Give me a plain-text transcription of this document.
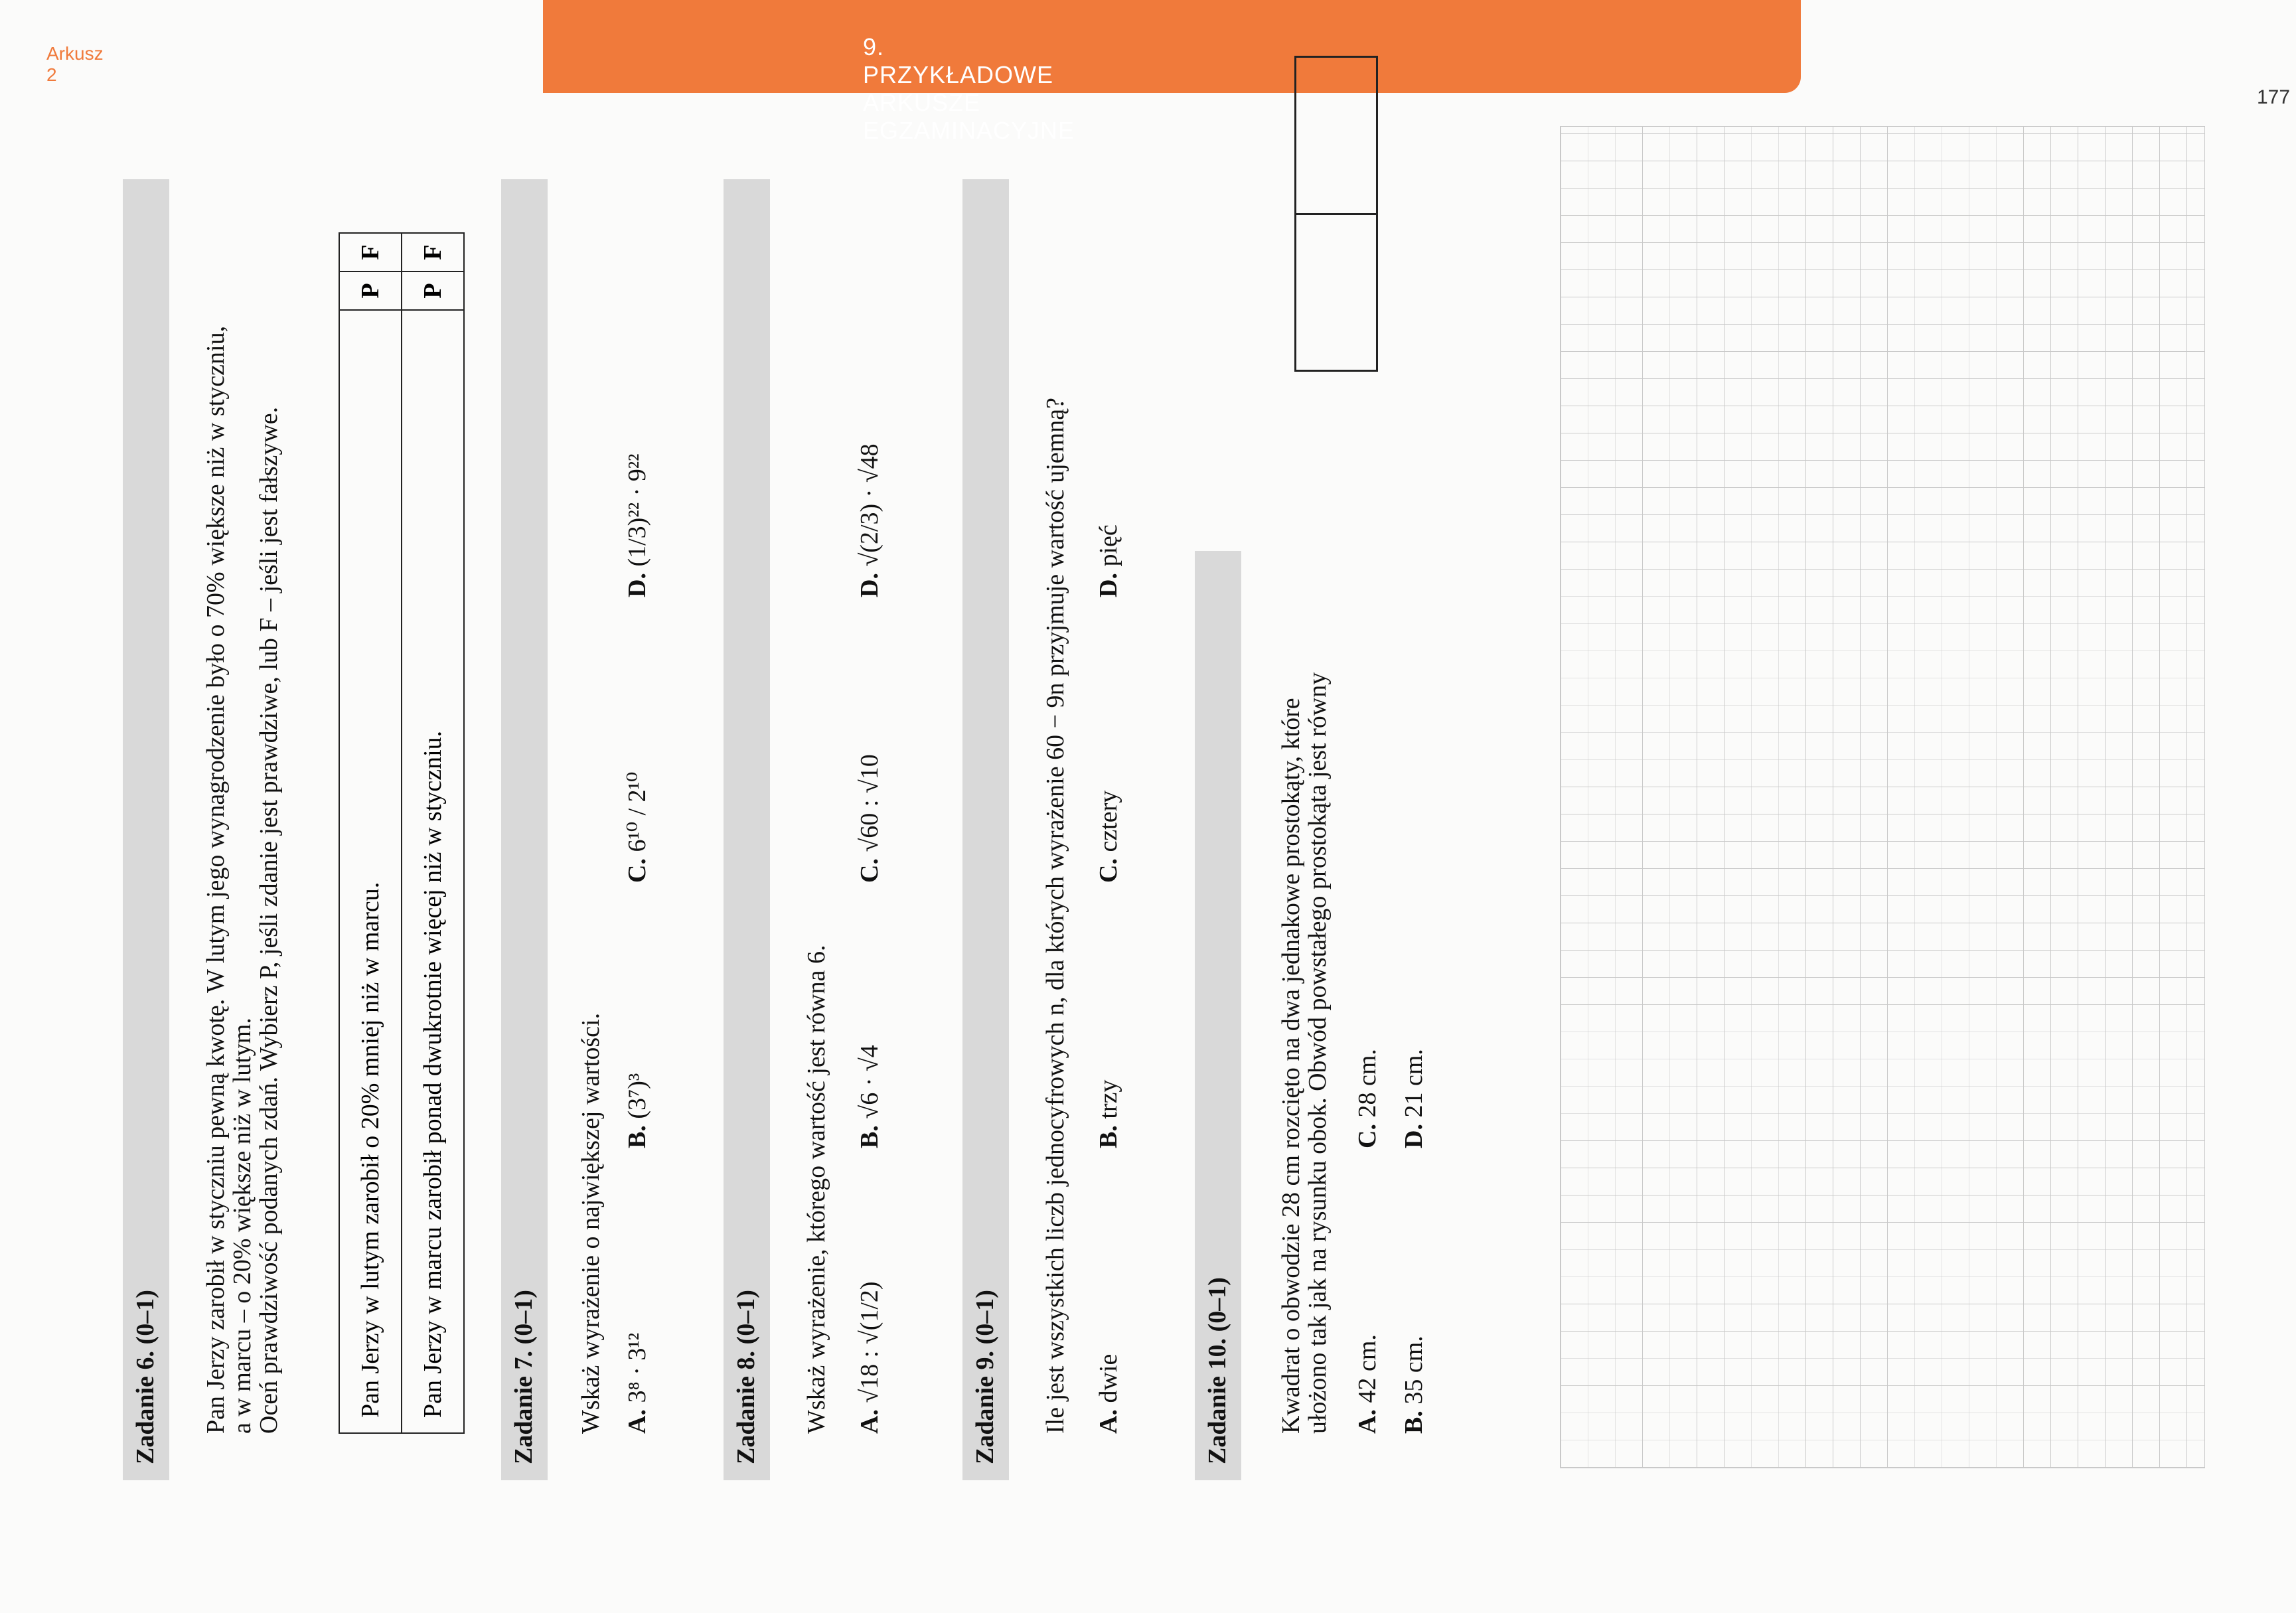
9. PRZYKŁADOWE ARKUSZE EGZAMINACYJNE
Arkusz 2
177
Zadanie 6. (0–1) Pan Jerzy zarobił w styczniu pewną kwotę. W lutym jego wynagrodzenie było o 70% większe niż w styczniu,
a w marcu – o 20% większe niż w lutym.
Oceń prawdziwość podanych zdań. Wybierz P, jeśli zdanie jest prawdziwe, lub F – jeśli jest fałszywe.	Pan Jerzy w lutym zarobił o 20% mniej niż w marcu.	P	F
Pan Jerzy w marcu zarobił ponad dwukrotnie więcej niż w styczniu.	P	F
Zadanie 7. (0–1) Wskaż wyrażenie o największej wartości. A. 3⁸ · 3¹²
B. (3⁷)³
C. 6¹⁰ / 2¹⁰
D. (1/3)²² · 9²²
Zadanie 8. (0–1) Wskaż wyrażenie, którego wartość jest równa 6. A. √18 : √(1/2)
B. √6 · √4
C. √60 : √10
D. √(2/3) · √48
Zadanie 9. (0–1) Ile jest wszystkich liczb jednocyfrowych n, dla których wyrażenie 60 − 9n przyjmuje wartość ujemną? A. dwie
B. trzy
C. cztery
D. pięć
Zadanie 10. (0–1) Kwadrat o obwodzie 28 cm rozcięto na dwa jednakowe prostokąty, które
ułożono tak jak na rysunku obok. Obwód powstałego prostokąta jest równy A. 42 cm.
B. 35 cm.
C. 28 cm.
D. 21 cm.
